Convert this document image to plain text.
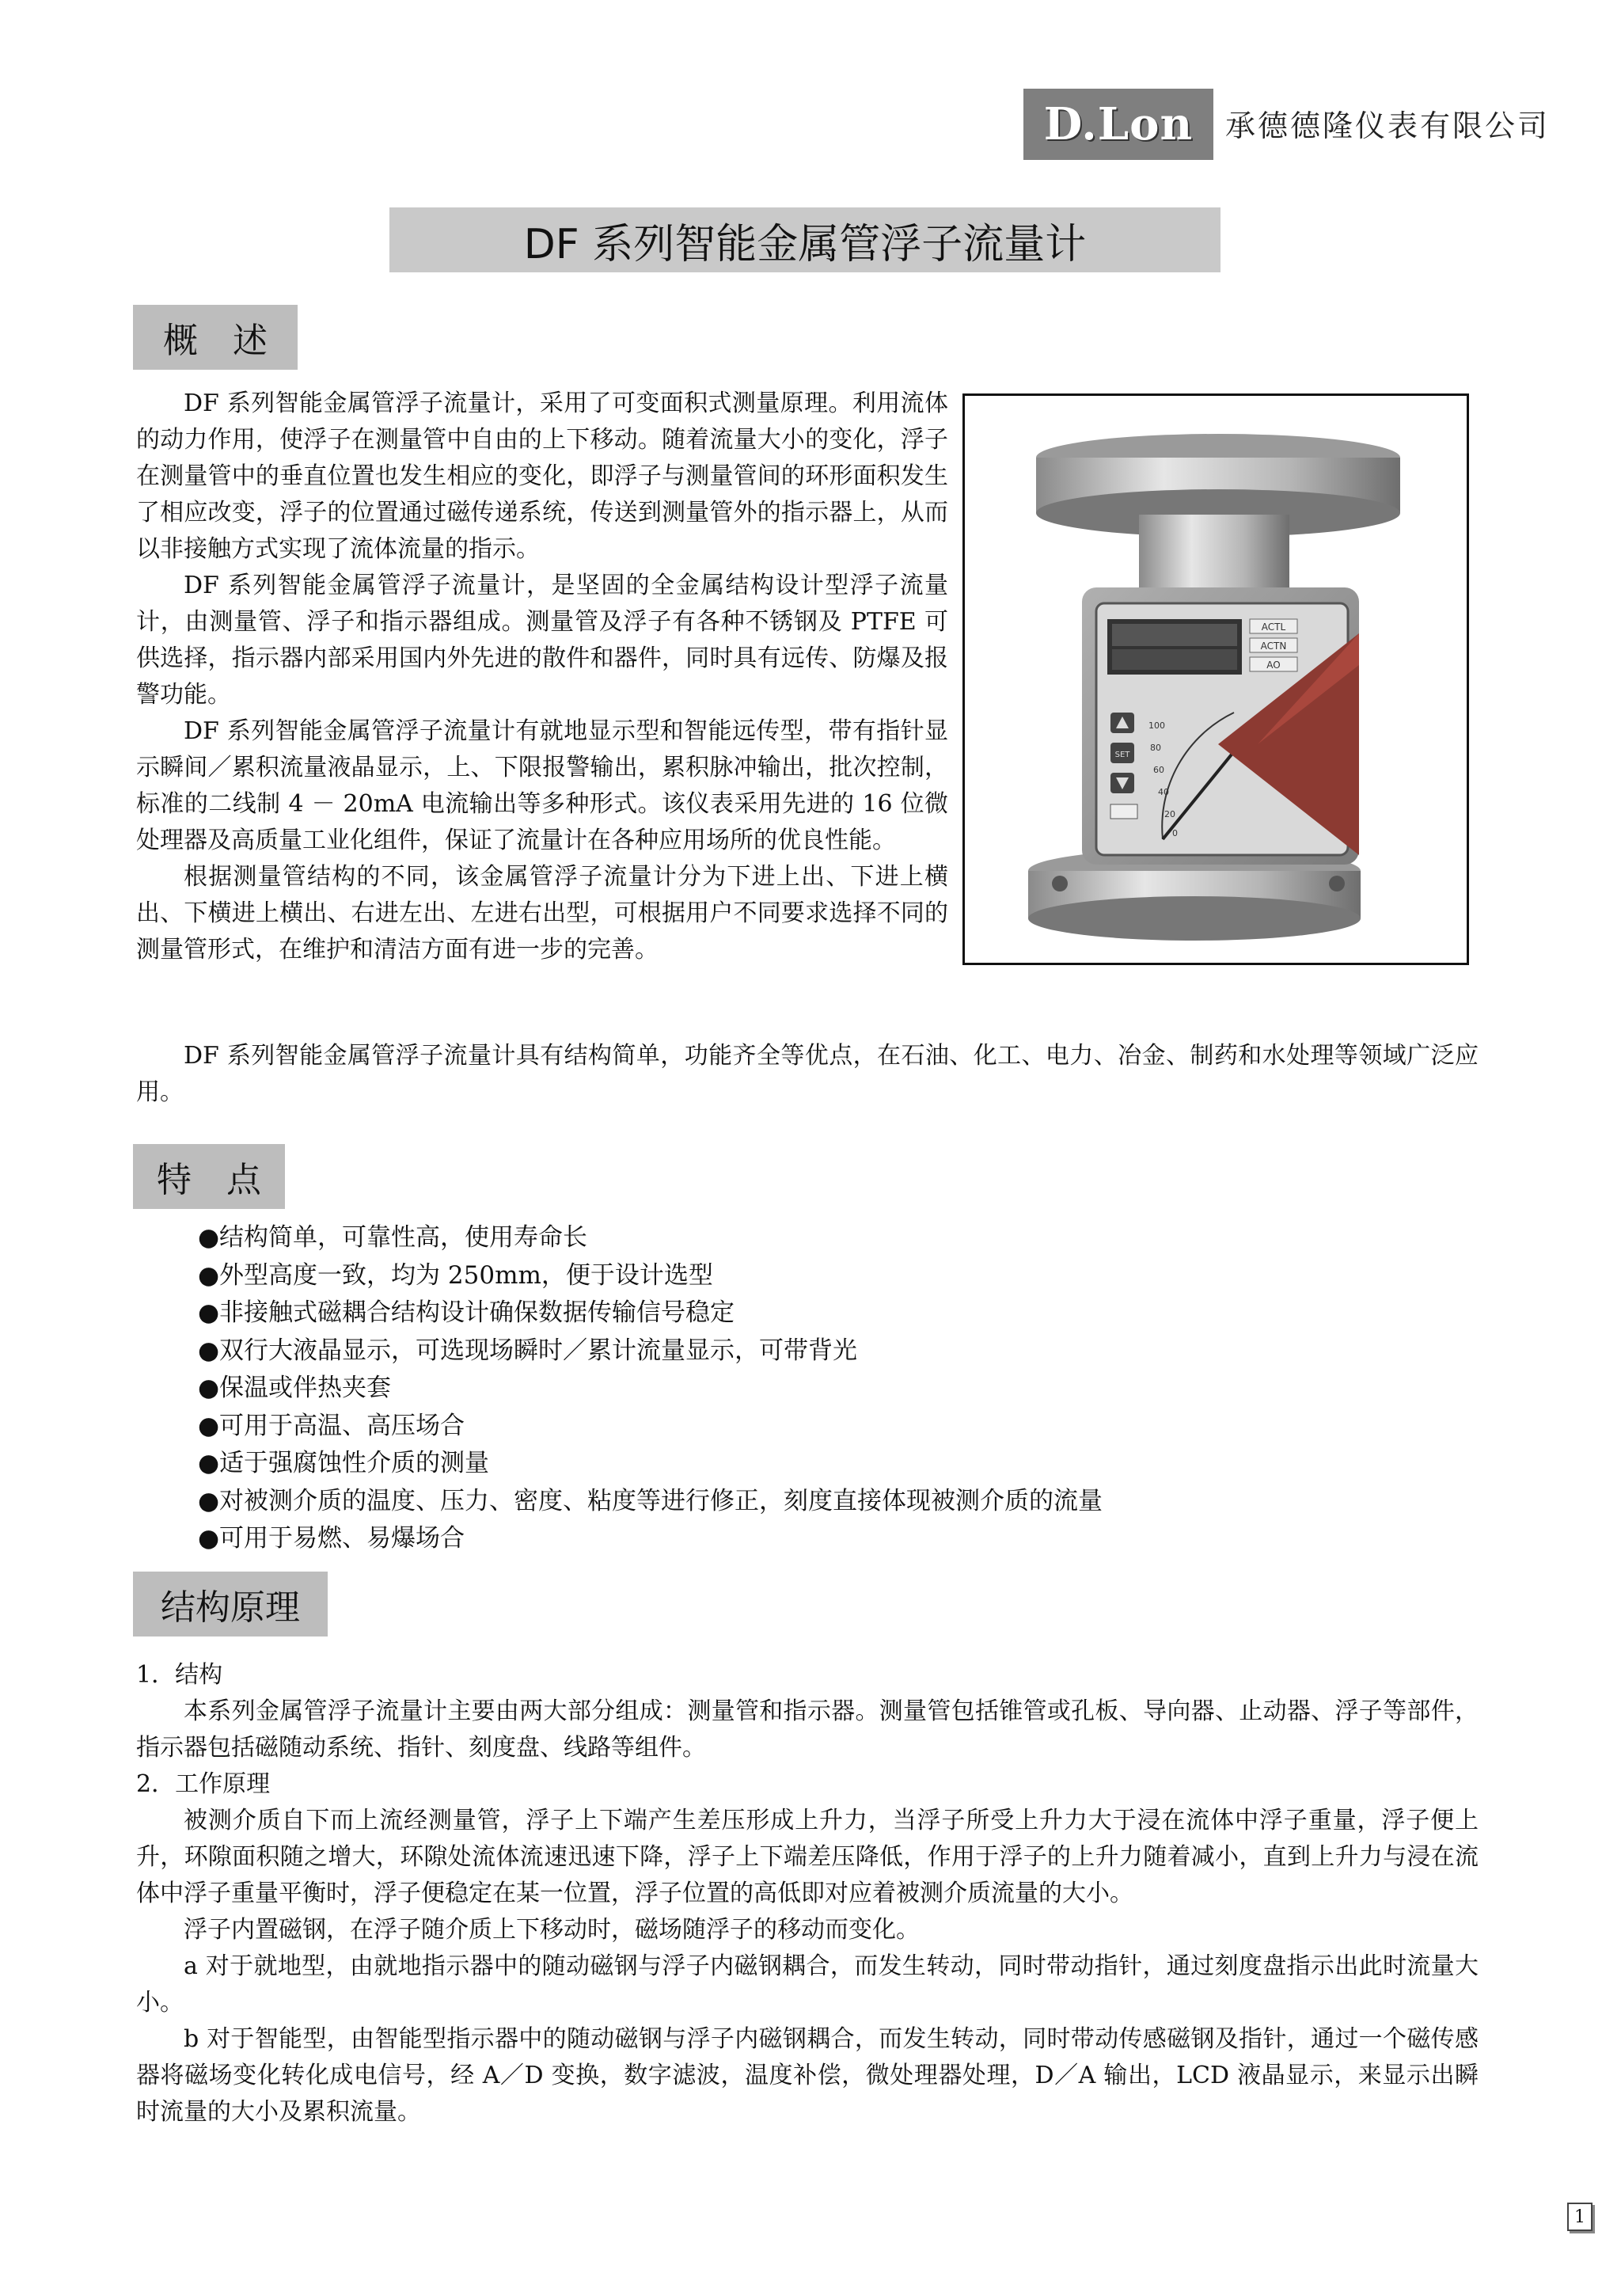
D.Lon 承德德隆仪表有限公司
DF 系列智能金属管浮子流量计
概　述
DF 系列智能金属管浮子流量计，采用了可变面积式测量原理。利用流体的动力作用，使浮子在测量管中自由的上下移动。随着流量大小的变化，浮子在测量管中的垂直位置也发生相应的变化，即浮子与测量管间的环形面积发生了相应改变，浮子的位置通过磁传递系统，传送到测量管外的指示器上，从而以非接触方式实现了流体流量的指示。
DF 系列智能金属管浮子流量计，是坚固的全金属结构设计型浮子流量计，由测量管、浮子和指示器组成。测量管及浮子有各种不锈钢及 PTFE 可供选择，指示器内部采用国内外先进的散件和器件，同时具有远传、防爆及报警功能。
DF 系列智能金属管浮子流量计有就地显示型和智能远传型，带有指针显示瞬间／累积流量液晶显示，上、下限报警输出，累积脉冲输出，批次控制，标准的二线制 4 － 20mA 电流输出等多种形式。该仪表采用先进的 16 位微处理器及高质量工业化组件，保证了流量计在各种应用场所的优良性能。
根据测量管结构的不同，该金属管浮子流量计分为下进上出、下进上横出、下横进上横出、右进左出、左进右出型，可根据用户不同要求选择不同的测量管形式，在维护和清洁方面有进一步的完善。
DF 系列智能金属管浮子流量计具有结构简单，功能齐全等优点，在石油、化工、电力、冶金、制药和水处理等领域广泛应用。
ACTL
ACTN
AO
SET
100
80
60
40
20
0
特　点
●结构简单，可靠性高，使用寿命长
●外型高度一致，均为 250mm，便于设计选型
●非接触式磁耦合结构设计确保数据传输信号稳定
●双行大液晶显示，可选现场瞬时／累计流量显示，可带背光
●保温或伴热夹套
●可用于高温、高压场合
●适于强腐蚀性介质的测量
●对被测介质的温度、压力、密度、粘度等进行修正，刻度直接体现被测介质的流量
●可用于易燃、易爆场合
结构原理
1．结构
本系列金属管浮子流量计主要由两大部分组成：测量管和指示器。测量管包括锥管或孔板、导向器、止动器、浮子等部件，指示器包括磁随动系统、指针、刻度盘、线路等组件。
2．工作原理
被测介质自下而上流经测量管，浮子上下端产生差压形成上升力，当浮子所受上升力大于浸在流体中浮子重量，浮子便上升，环隙面积随之增大，环隙处流体流速迅速下降，浮子上下端差压降低，作用于浮子的上升力随着减小，直到上升力与浸在流体中浮子重量平衡时，浮子便稳定在某一位置，浮子位置的高低即对应着被测介质流量的大小。
浮子内置磁钢，在浮子随介质上下移动时，磁场随浮子的移动而变化。
a 对于就地型，由就地指示器中的随动磁钢与浮子内磁钢耦合，而发生转动，同时带动指针，通过刻度盘指示出此时流量大小。
b 对于智能型，由智能型指示器中的随动磁钢与浮子内磁钢耦合，而发生转动，同时带动传感磁钢及指针，通过一个磁传感器将磁场变化转化成电信号，经 A／D 变换，数字滤波，温度补偿，微处理器处理，D／A 输出，LCD 液晶显示，来显示出瞬时流量的大小及累积流量。
1
